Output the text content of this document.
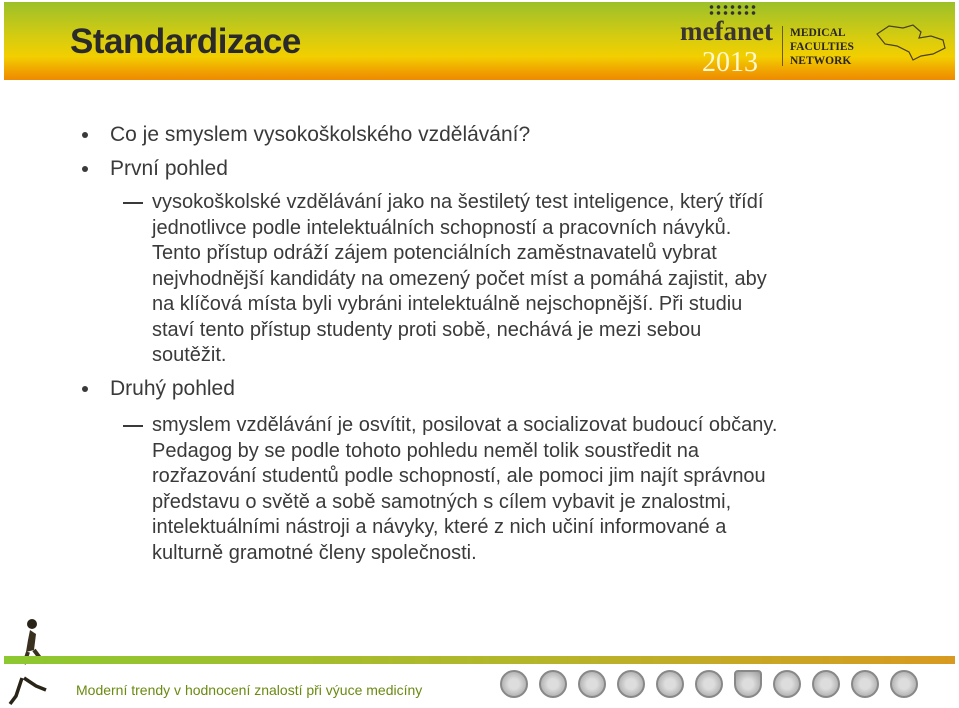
Standardizace	mefanet
2013
MEDICAL
FACULTIES
NETWORK
Co je smyslem vysokoškolského vzdělávání?
První pohled
vysokoškolské vzdělávání jako na šestiletý test inteligence, který třídí
jednotlivce podle intelektuálních schopností a pracovních návyků.
Tento přístup odráží zájem potenciálních zaměstnavatelů vybrat
nejvhodnější kandidáty na omezený počet míst a pomáhá zajistit, aby
na klíčová místa byli vybráni intelektuálně nejschopnější. Při studiu
staví tento přístup studenty proti sobě, nechává je mezi sebou
soutěžit.
Druhý pohled
smyslem vzdělávání je osvítit, posilovat a socializovat budoucí občany.
Pedagog by se podle tohoto pohledu neměl tolik soustředit na
rozřazování studentů podle schopností, ale pomoci jim najít správnou
představu o světě a sobě samotných s cílem vybavit je znalostmi,
intelektuálními nástroji a návyky, které z nich učiní informované a
kulturně gramotné členy společnosti.
Moderní trendy v hodnocení znalostí při výuce medicíny
